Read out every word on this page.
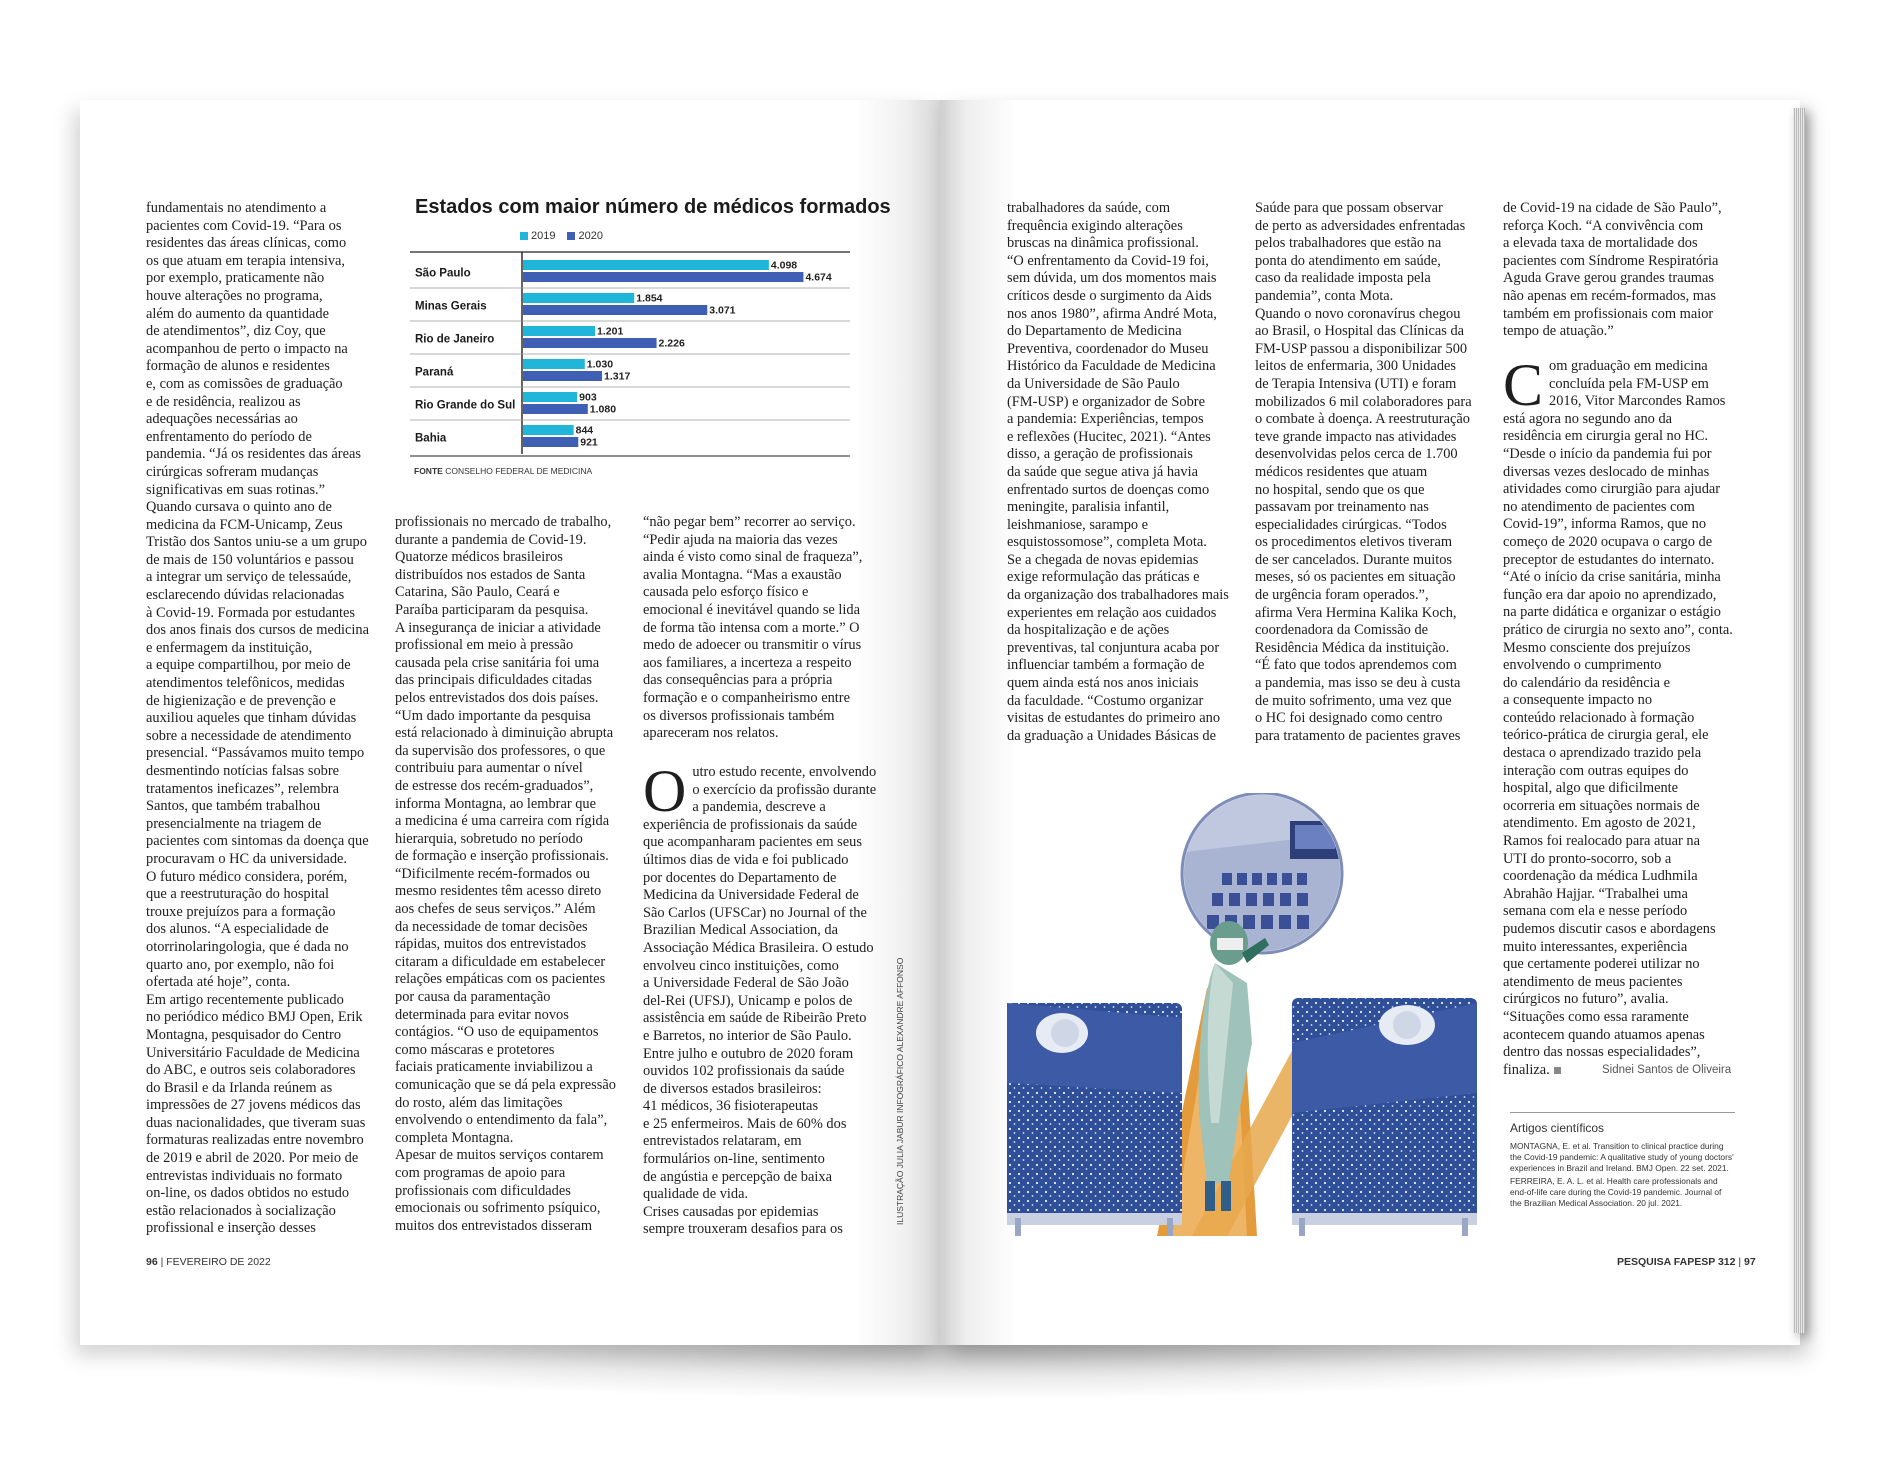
fundamentais no atendimento a
pacientes com Covid-19. “Para os
residentes das áreas clínicas, como
os que atuam em terapia intensiva,
por exemplo, praticamente não
houve alterações no programa,
além do aumento da quantidade
de atendimentos”, diz Coy, que
acompanhou de perto o impacto na
formação de alunos e residentes
e, com as comissões de graduação
e de residência, realizou as
adequações necessárias ao
enfrentamento do período de
pandemia. “Já os residentes das áreas
cirúrgicas sofreram mudanças
significativas em suas rotinas.”
Quando cursava o quinto ano de
medicina da FCM-Unicamp, Zeus
Tristão dos Santos uniu-se a um grupo
de mais de 150 voluntários e passou
a integrar um serviço de telessaúde,
esclarecendo dúvidas relacionadas
à Covid-19. Formada por estudantes
dos anos finais dos cursos de medicina
e enfermagem da instituição,
a equipe compartilhou, por meio de
atendimentos telefônicos, medidas
de higienização e de prevenção e
auxiliou aqueles que tinham dúvidas
sobre a necessidade de atendimento
presencial. “Passávamos muito tempo
desmentindo notícias falsas sobre
tratamentos ineficazes”, relembra
Santos, que também trabalhou
presencialmente na triagem de
pacientes com sintomas da doença que
procuravam o HC da universidade.
O futuro médico considera, porém,
que a reestruturação do hospital
trouxe prejuízos para a formação
dos alunos. “A especialidade de
otorrinolaringologia, que é dada no
quarto ano, por exemplo, não foi
ofertada até hoje”, conta.
Em artigo recentemente publicado
no periódico médico BMJ Open, Erik
Montagna, pesquisador do Centro
Universitário Faculdade de Medicina
do ABC, e outros seis colaboradores
do Brasil e da Irlanda reúnem as
impressões de 27 jovens médicos das
duas nacionalidades, que tiveram suas
formaturas realizadas entre novembro
de 2019 e abril de 2020. Por meio de
entrevistas individuais no formato
on-line, os dados obtidos no estudo
estão relacionados à socialização
profissional e inserção desses
Estados com maior número de médicos formados
2019 2020
São Paulo
4.098
4.674
Minas Gerais
1.854
3.071
Rio de Janeiro
1.201
2.226
Paraná
1.030
1.317
Rio Grande do Sul
903
1.080
Bahia
844
921
FONTE CONSELHO FEDERAL DE MEDICINA
profissionais no mercado de trabalho,
durante a pandemia de Covid-19.
Quatorze médicos brasileiros
distribuídos nos estados de Santa
Catarina, São Paulo, Ceará e
Paraíba participaram da pesquisa.
A insegurança de iniciar a atividade
profissional em meio à pressão
causada pela crise sanitária foi uma
das principais dificuldades citadas
pelos entrevistados dos dois países.
“Um dado importante da pesquisa
está relacionado à diminuição abrupta
da supervisão dos professores, o que
contribuiu para aumentar o nível
de estresse dos recém-graduados”,
informa Montagna, ao lembrar que
a medicina é uma carreira com rígida
hierarquia, sobretudo no período
de formação e inserção profissionais.
“Dificilmente recém-formados ou
mesmo residentes têm acesso direto
aos chefes de seus serviços.” Além
da necessidade de tomar decisões
rápidas, muitos dos entrevistados
citaram a dificuldade em estabelecer
relações empáticas com os pacientes
por causa da paramentação
determinada para evitar novos
contágios. “O uso de equipamentos
como máscaras e protetores
faciais praticamente inviabilizou a
comunicação que se dá pela expressão
do rosto, além das limitações
envolvendo o entendimento da fala”,
completa Montagna.
Apesar de muitos serviços contarem
com programas de apoio para
profissionais com dificuldades
emocionais ou sofrimento psíquico,
muitos dos entrevistados disseram
“não pegar bem” recorrer ao serviço.
“Pedir ajuda na maioria das vezes
ainda é visto como sinal de fraqueza”,
avalia Montagna. “Mas a exaustão
causada pelo esforço físico e
emocional é inevitável quando se lida
de forma tão intensa com a morte.” O
medo de adoecer ou transmitir o vírus
aos familiares, a incerteza a respeito
das consequências para a própria
formação e o companheirismo entre
os diversos profissionais também
apareceram nos relatos.
Outro estudo recente, envolvendo
o exercício da profissão durante
a pandemia, descreve a
experiência de profissionais da saúde
que acompanharam pacientes em seus
últimos dias de vida e foi publicado
por docentes do Departamento de
Medicina da Universidade Federal de
São Carlos (UFSCar) no Journal of the
Brazilian Medical Association, da
Associação Médica Brasileira. O estudo
envolveu cinco instituições, como
a Universidade Federal de São João
del-Rei (UFSJ), Unicamp e polos de
assistência em saúde de Ribeirão Preto
e Barretos, no interior de São Paulo.
Entre julho e outubro de 2020 foram
ouvidos 102 profissionais da saúde
de diversos estados brasileiros:
41 médicos, 36 fisioterapeutas
e 25 enfermeiros. Mais de 60% dos
entrevistados relataram, em
formulários on-line, sentimento
de angústia e percepção de baixa
qualidade de vida.
Crises causadas por epidemias
sempre trouxeram desafios para os
ILUSTRAÇÃO JULIA JABUR INFOGRÁFICO ALEXANDRE AFFONSO
96 | FEVEREIRO DE 2022
trabalhadores da saúde, com
frequência exigindo alterações
bruscas na dinâmica profissional.
“O enfrentamento da Covid-19 foi,
sem dúvida, um dos momentos mais
críticos desde o surgimento da Aids
nos anos 1980”, afirma André Mota,
do Departamento de Medicina
Preventiva, coordenador do Museu
Histórico da Faculdade de Medicina
da Universidade de São Paulo
(FM-USP) e organizador de Sobre
a pandemia: Experiências, tempos
e reflexões (Hucitec, 2021). “Antes
disso, a geração de profissionais
da saúde que segue ativa já havia
enfrentado surtos de doenças como
meningite, paralisia infantil,
leishmaniose, sarampo e
esquistossomose”, completa Mota.
Se a chegada de novas epidemias
exige reformulação das práticas e
da organização dos trabalhadores mais
experientes em relação aos cuidados
da hospitalização e de ações
preventivas, tal conjuntura acaba por
influenciar também a formação de
quem ainda está nos anos iniciais
da faculdade. “Costumo organizar
visitas de estudantes do primeiro ano
da graduação a Unidades Básicas de
Saúde para que possam observar
de perto as adversidades enfrentadas
pelos trabalhadores que estão na
ponta do atendimento em saúde,
caso da realidade imposta pela
pandemia”, conta Mota.
Quando o novo coronavírus chegou
ao Brasil, o Hospital das Clínicas da
FM-USP passou a disponibilizar 500
leitos de enfermaria, 300 Unidades
de Terapia Intensiva (UTI) e foram
mobilizados 6 mil colaboradores para
o combate à doença. A reestruturação
teve grande impacto nas atividades
desenvolvidas pelos cerca de 1.700
médicos residentes que atuam
no hospital, sendo que os que
passavam por treinamento nas
especialidades cirúrgicas. “Todos
os procedimentos eletivos tiveram
de ser cancelados. Durante muitos
meses, só os pacientes em situação
de urgência foram operados.”,
afirma Vera Hermina Kalika Koch,
coordenadora da Comissão de
Residência Médica da instituição.
“É fato que todos aprendemos com
a pandemia, mas isso se deu à custa
de muito sofrimento, uma vez que
o HC foi designado como centro
para tratamento de pacientes graves
de Covid-19 na cidade de São Paulo”,
reforça Koch. “A convivência com
a elevada taxa de mortalidade dos
pacientes com Síndrome Respiratória
Aguda Grave gerou grandes traumas
não apenas em recém-formados, mas
também em profissionais com maior
tempo de atuação.”
Com graduação em medicina
concluída pela FM-USP em
2016, Vitor Marcondes Ramos
está agora no segundo ano da
residência em cirurgia geral no HC.
“Desde o início da pandemia fui por
diversas vezes deslocado de minhas
atividades como cirurgião para ajudar
no atendimento de pacientes com
Covid-19”, informa Ramos, que no
começo de 2020 ocupava o cargo de
preceptor de estudantes do internato.
“Até o início da crise sanitária, minha
função era dar apoio no aprendizado,
na parte didática e organizar o estágio
prático de cirurgia no sexto ano”, conta.
Mesmo consciente dos prejuízos
envolvendo o cumprimento
do calendário da residência e
a consequente impacto no
conteúdo relacionado à formação
teórico-prática de cirurgia geral, ele
destaca o aprendizado trazido pela
interação com outras equipes do
hospital, algo que dificilmente
ocorreria em situações normais de
atendimento. Em agosto de 2021,
Ramos foi realocado para atuar na
UTI do pronto-socorro, sob a
coordenação da médica Ludhmila
Abrahão Hajjar. “Trabalhei uma
semana com ela e nesse período
pudemos discutir casos e abordagens
muito interessantes, experiência
que certamente poderei utilizar no
atendimento de meus pacientes
cirúrgicos no futuro”, avalia.
“Situações como essa raramente
acontecem quando atuamos apenas
dentro das nossas especialidades”,
finaliza.	Sidnei Santos de Oliveira
Artigos científicos

MONTAGNA, E. et al. Transition to clinical practice during the Covid-19 pandemic: A qualitative study of young doctors' experiences in Brazil and Ireland. BMJ Open. 22 set. 2021.

FERREIRA, E. A. L. et al. Health care professionals and end-of-life care during the Covid-19 pandemic. Journal of the Brazilian Medical Association. 20 jul. 2021.

PESQUISA FAPESP 312 | 97
